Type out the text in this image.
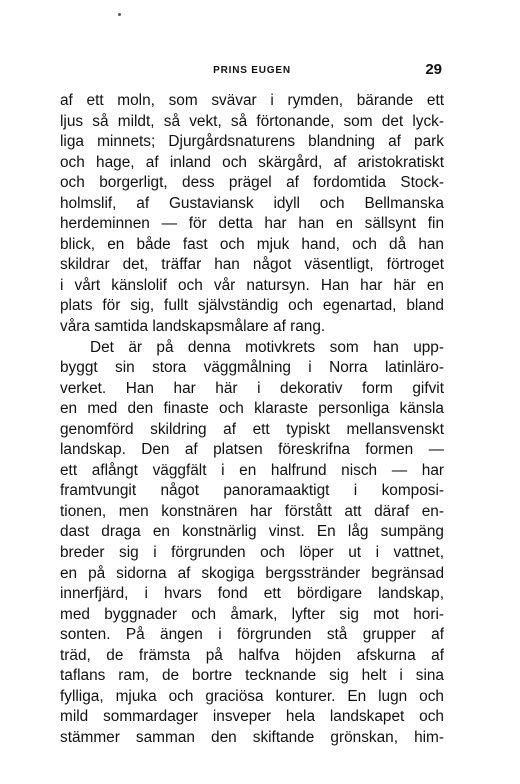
PRINS EUGEN	29
af ett moln, som svävar i rymden, bärande ett
ljus så mildt, så vekt, så förtonande, som det lyck-
liga minnets; Djurgårdsnaturens blandning af park
och hage, af inland och skärgård, af aristokratiskt
och borgerligt, dess prägel af fordomtida Stock-
holmslif, af Gustaviansk idyll och Bellmanska
herdeminnen — för detta har han en sällsynt fin
blick, en både fast och mjuk hand, och då han
skildrar det, träffar han något väsentligt, förtroget
i vårt känslolif och vår natursyn. Han har här en
plats för sig, fullt självständig och egenartad, bland
våra samtida landskapsmålare af rang.
Det är på denna motivkrets som han upp-
byggt sin stora väggmålning i Norra latinläro-
verket. Han har här i dekorativ form gifvit
en med den finaste och klaraste personliga känsla
genomförd skildring af ett typiskt mellansvenskt
landskap. Den af platsen föreskrifna formen —
ett aflångt väggfält i en halfrund nisch — har
framtvungit något panoramaaktigt i komposi-
tionen, men konstnären har förstått att däraf en-
dast draga en konstnärlig vinst. En låg sumpäng
breder sig i förgrunden och löper ut i vattnet,
en på sidorna af skogiga bergsstränder begränsad
innerfjärd, i hvars fond ett bördigare landskap,
med byggnader och åmark, lyfter sig mot hori-
sonten. På ängen i förgrunden stå grupper af
träd, de främsta på halfva höjden afskurna af
taflans ram, de bortre tecknande sig helt i sina
fylliga, mjuka och graciösa konturer. En lugn och
mild sommardager insveper hela landskapet och
stämmer samman den skiftande grönskan, him-
